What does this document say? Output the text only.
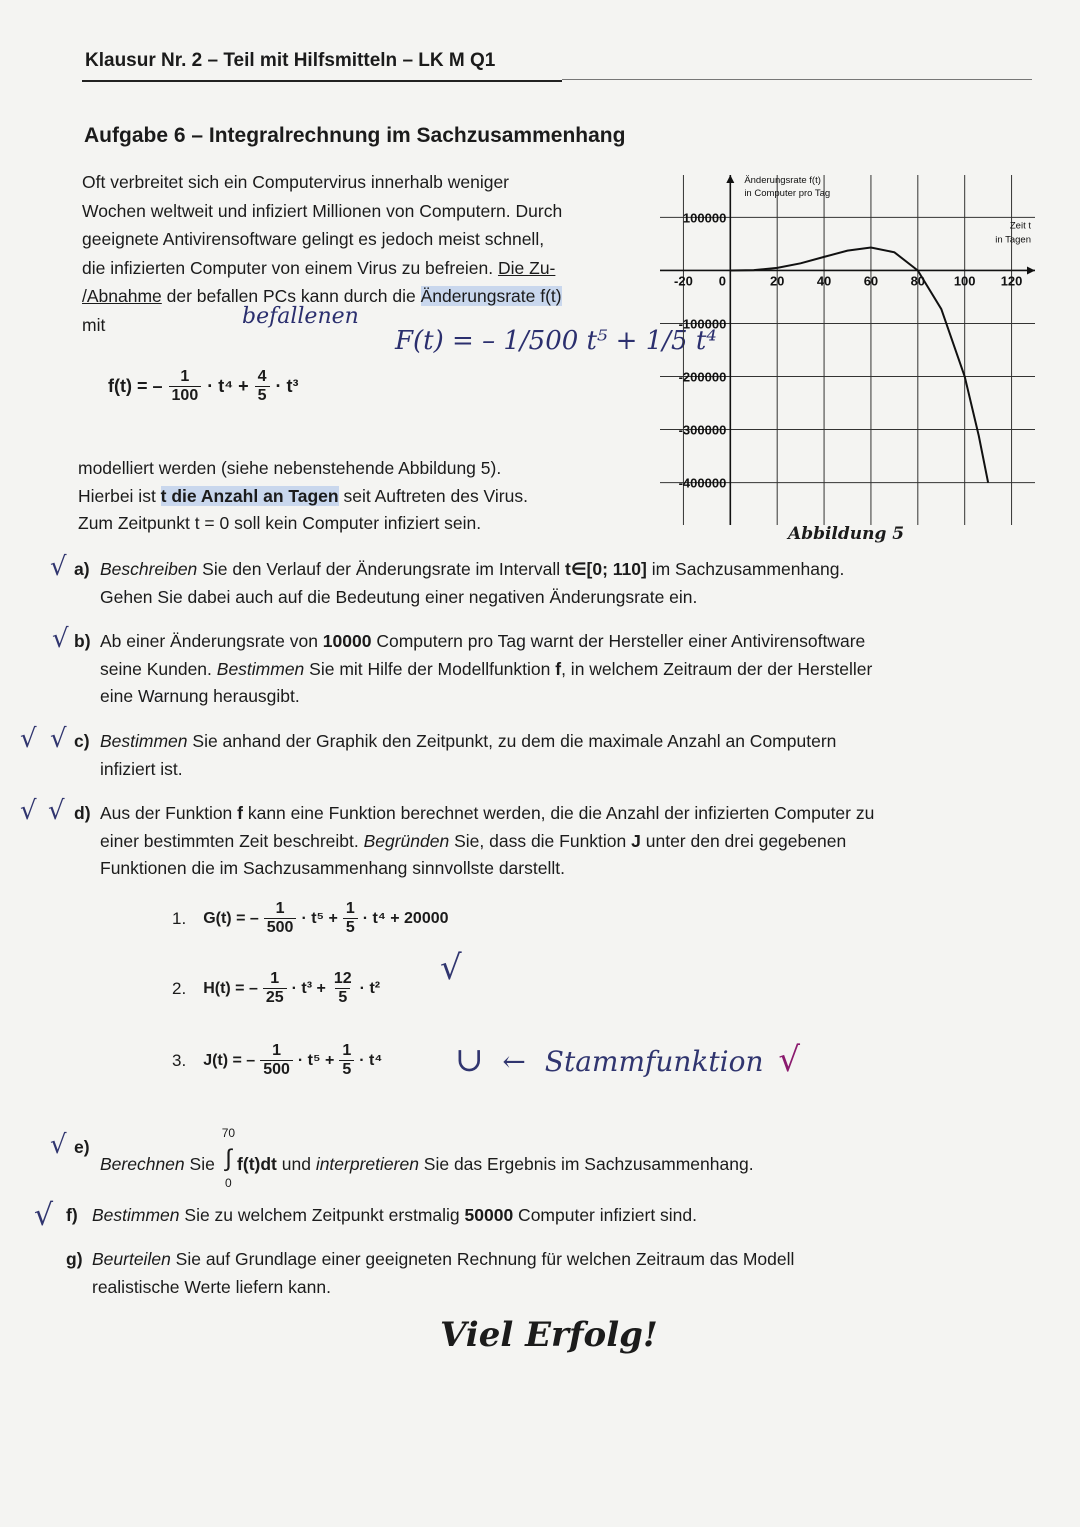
Klausur Nr. 2 – Teil mit Hilfsmitteln – LK M Q1
Aufgabe 6 – Integralrechnung im Sachzusammenhang
Oft verbreitet sich ein Computervirus innerhalb weniger
Wochen weltweit und infiziert Millionen von Computern. Durch
geeignete Antivirensoftware gelingt es jedoch meist schnell,
die infizierten Computer von einem Virus zu befreien. Die Zu-
/Abnahme der befallen PCs kann durch die Änderungsrate f(t)
mit	befallenen
F(t) = – 1/500 t⁵ + 1/5 t⁴
f(t) = – $\frac{1}{100} \cdot t^4 + \frac{4}{5} \cdot t^3$
modelliert werden (siehe nebenstehende Abbildung 5).
Hierbei ist t die Anzahl an Tagen seit Auftreten des Virus.
Zum Zeitpunkt t = 0 soll kein Computer infiziert sein.
-20 0	20 40 60 80 100 120
100000
-100000
-200000
-300000
-400000
Änderungsrate f(t)
in Computer pro Tag
Zeit t
in Tagen
Abbildung 5
√ a) Beschreiben Sie den Verlauf der Änderungsrate im Intervall t∈[0; 110] im Sachzusammenhang.
Gehen Sie dabei auch auf die Bedeutung einer negativen Änderungsrate ein.
√ b) Ab einer Änderungsrate von 10000 Computern pro Tag warnt der Hersteller einer Antivirensoftware
seine Kunden. Bestimmen Sie mit Hilfe der Modellfunktion f, in welchem Zeitraum der der Hersteller
eine Warnung herausgibt.
√ √ c) Bestimmen Sie anhand der Graphik den Zeitpunkt, zu dem die maximale Anzahl an Computern
infiziert ist.
√ √ d) Aus der Funktion f kann eine Funktion berechnet werden, die die Anzahl der infizierten Computer zu
einer bestimmten Zeit beschreibt. Begründen Sie, dass die Funktion J unter den drei gegebenen
Funktionen die im Sachzusammenhang sinnvollste darstellt.
1. G(t) = – $\frac{1}{500} \cdot t^5 + \frac{1}{5} \cdot t^4 + 20000$
2. H(t) = – $\frac{1}{25} \cdot t^3 + \frac{12}{5} \cdot t^2$ √
3. J(t) = – $\frac{1}{500} \cdot t^5 + \frac{1}{5} \cdot t^4$ ∪ ← Stammfunktion √
√ e)
Berechnen Sie
70
∫
0
f(t)dt und interpretieren Sie das Ergebnis im Sachzusammenhang.
√ f) Bestimmen Sie zu welchem Zeitpunkt erstmalig 50000 Computer infiziert sind.
g) Beurteilen Sie auf Grundlage einer geeigneten Rechnung für welchen Zeitraum das Modell
realistische Werte liefern kann.
Viel Erfolg!
